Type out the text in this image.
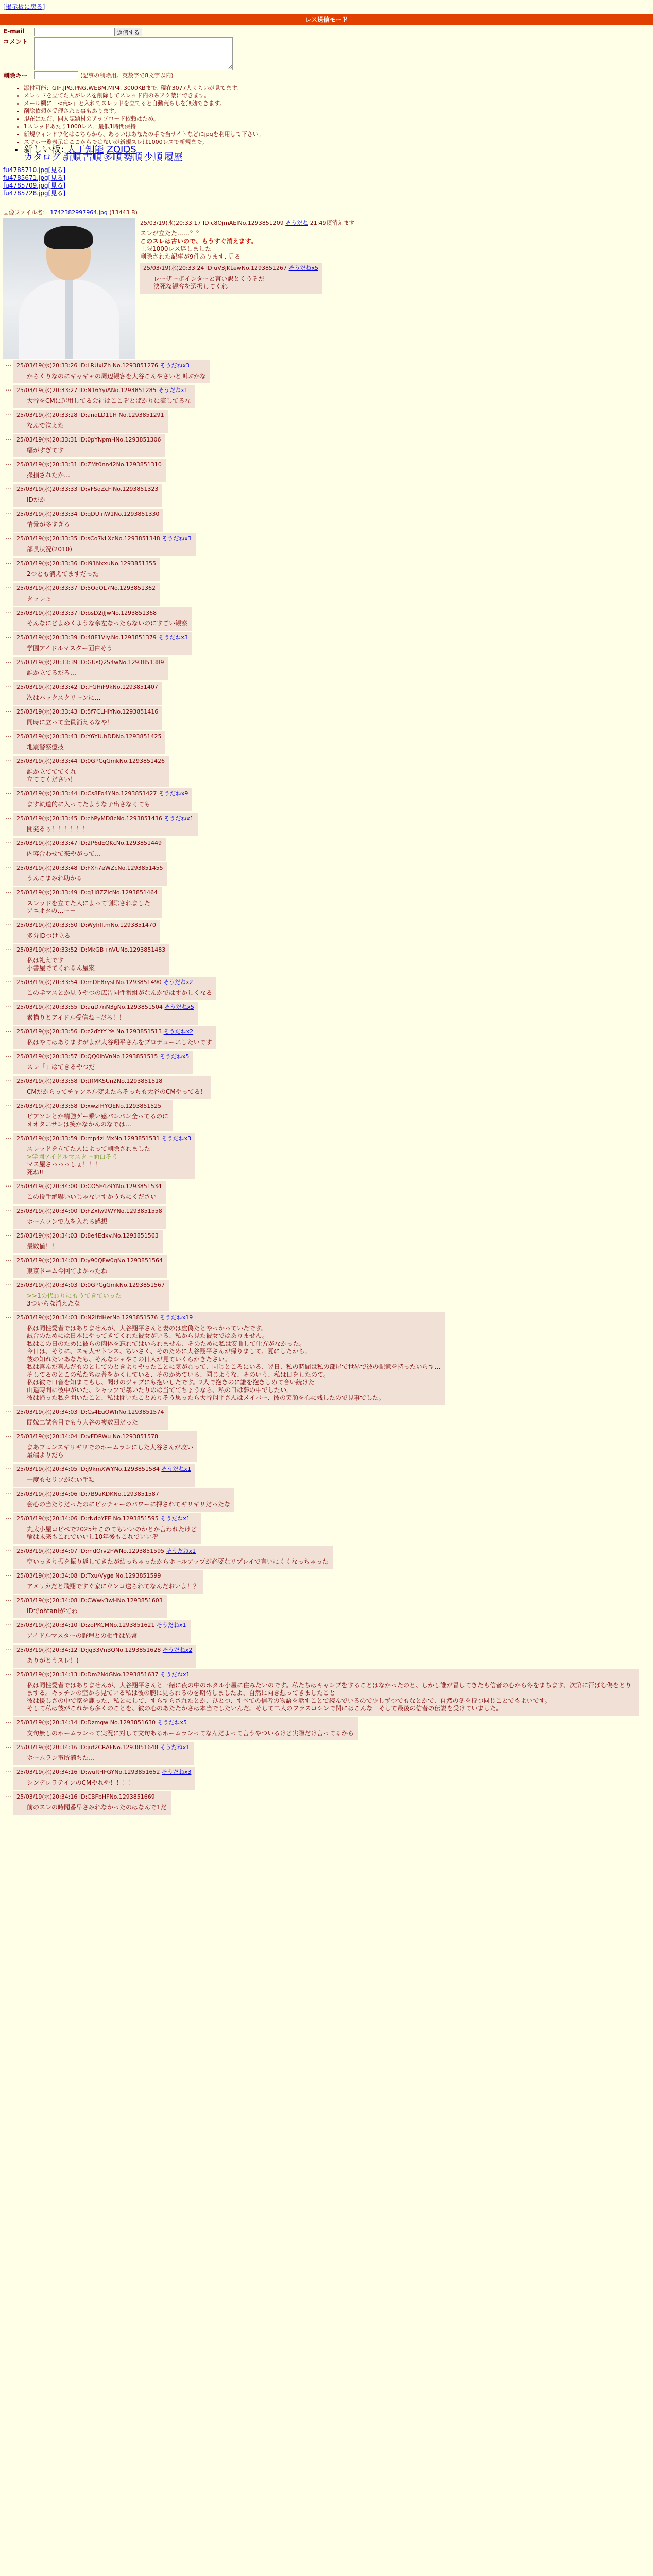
[掲示板に戻る]
レス送信モード
E-mail	返信する
コメント
削除キー	(記事の削除用。英数字で8文字以内)
• 添付可能：GIF,JPG,PNG,WEBM,MP4. 3000KBまで. 現在3077人くらいが見てます.
• スレッドを立てた人がレスを削除してスレッド内のみアク禁にできます。
• メール欄に「<荒>」と入れてスレッドを立てると自動荒らしを無効できます。
• 削除依頼が受理される事もあります。
• 現在はただ、同人誌題材のアップロード依頼はため。
• 1スレッドあたり1000レス、最低1時間保持
• 新規ウィンドウ化はこちらから、あるいはあなたの手で当サイトなどにjpgを利用して下さい。
• スマホ一覧表示はここからではないが新規スレは1000レスで新規まで。
• 新しい板: 人工知能 ZOIDS
カタログ 新順 古順 多順 勢順 少順 履歴
fu4785710.jpg[見る]
fu4785671.jpg[見る]
fu4785709.jpg[見る]
fu4785728.jpg[見る]
画像ファイル名： 1742382997964.jpg (13443 B)
25/03/19(水)20:33:17 ID:c8OjmAEINo.1293851209 そうだね 21:49頃消えます
スレが立たた……？？
このスレは古いので、もうすぐ消えます。
上限1000レス達しました
削除された記事が9件あります. 見る
25/03/19(水)20:33:24 ID:uV3jKLewNo.1293851267 そうだねx5
レーザーボインターと言い訳とくうそだ
決死な観客を選択してくれ
… 25/03/19(水)20:33:26 ID:LRUxiZh No.1293851276 そうだねx3
からくりなのにギャギャの周辺観客を大谷こんやさいと叫ぶかな
… 25/03/19(水)20:33:27 ID:N16YyiANo.1293851285 そうだねx1
大谷をCMに起用してる会社はここぞとばかりに流してるな
… 25/03/19(水)20:33:28 ID:anqLD11H No.1293851291
なんで泣えた
… 25/03/19(水)20:33:31 ID:0pYNpmHNo.1293851306
幅がすぎてす
… 25/03/19(水)20:33:31 ID:ZMt0nn42No.1293851310
撮損されたか…
… 25/03/19(水)20:33:33 ID:vFSqZcFINo.1293851323
IDだか
… 25/03/19(水)20:33:34 ID:qDU.nW1No.1293851330
情景が多すぎる
… 25/03/19(水)20:33:35 ID:sCo7kLXcNo.1293851348 そうだねx3
部長状況(2010)
… 25/03/19(水)20:33:36 ID:I91NxxuNo.1293851355
2つとも消えてますだった
… 25/03/19(水)20:33:37 ID:5OdOL7No.1293851362
タッレょ
… 25/03/19(水)20:33:37 ID:bsD2iJjwNo.1293851368
そんなにどよめくような余左なったらないのにすごい観察
… 25/03/19(水)20:33:39 ID:48F1Vly.No.1293851379 そうだねx3
学園アイドルマスター面白そう
… 25/03/19(水)20:33:39 ID:GUsQ2S4wNo.1293851389
誰か立てるだろ…
… 25/03/19(水)20:33:42 ID:.FGHiF9kNo.1293851407
次はバックスクリーンに…
… 25/03/19(水)20:33:43 ID:5f7CLHlYNo.1293851416
同時に立って全員消えるなや！
… 25/03/19(水)20:33:43 ID:Y6YU.hDDNo.1293851425
地震警察億技
… 25/03/19(水)20:33:44 ID:0GPCgGmkNo.1293851426
誰か立てててくれ
立ててください！
… 25/03/19(水)20:33:44 ID:Cs8Fo4YNo.1293851427 そうだねx9
ます軌道的に入ってたような子出さなくても
… 25/03/19(水)20:33:45 ID:chPyMD8cNo.1293851436 そうだねx1
開発るぅ！！！！！！
… 25/03/19(水)20:33:47 ID:2P6dEQKcNo.1293851449
内容合わせて来やがって…
… 25/03/19(水)20:33:48 ID:FXh7eWZcNo.1293851455
うんこまみれ助かる
… 25/03/19(水)20:33:49 ID:q1l8ZZIcNo.1293851464
スレッドを立てた人によって削除されました
アニオタの…ー－
… 25/03/19(水)20:33:50 ID:Wyhfl.mNo.1293851470
多分IDつけ立る
… 25/03/19(水)20:33:52 ID:MkGB+nVUNo.1293851483
私は礼えです
小書屋でてくれるん屋案
… 25/03/19(水)20:33:54 ID:mDE8rysLNo.1293851490 そうだねx2
この学マスとか見うやつの広告同性番組がなんかではずかしくなる
… 25/03/19(水)20:33:55 ID:auD7nN3gNo.1293851504 そうだねx5
素描りとアイドル受信ねーだろ！！
… 25/03/19(水)20:33:56 ID:z2dYtY Ye No.1293851513 そうだねx2
私はやてはありますがよが大谷翔平さんをプロデューエしたいです
… 25/03/19(水)20:33:57 ID:QQ0lhVnNo.1293851515 そうだねx5
スレ「」はてきるやつだ
… 25/03/19(水)20:33:58 ID:tRMKSUn2No.1293851518
CMだからってチャンネル変えたらそっちも大谷のCMやってる！
… 25/03/19(水)20:33:58 ID:xwzfHYQENo.1293851525
ピアソンとか精強ゲー乗い感バンパン全ってるのに
オオタニサンは笑かなかんのなでは…
… 25/03/19(水)20:33:59 ID:mp4zLMxNo.1293851531 そうだねx3
スレッドを立てた人によって削除されました
>学園アイドルマスター面白そう
マス屋さっっっしょ！！！
死ね!!
… 25/03/19(水)20:34:00 ID:CO5F4z9YNo.1293851534
この投手絶嚇いいじゃないすかうちにください
… 25/03/19(水)20:34:00 ID:FZxIw9WYNo.1293851558
ホームランで点を入れる感想
… 25/03/19(水)20:34:03 ID:8e4Edxv.No.1293851563
最数値！！
… 25/03/19(水)20:34:03 ID:y90QFw0gNo.1293851564
東京ドーム今回てよかったね
… 25/03/19(水)20:34:03 ID:0GPCgGmkNo.1293851567
>>1の代わりにもうてきていった
3ついらな消えたな
… 25/03/19(水)20:34:03 ID:N2lfdHerNo.1293851576 そうだねx19
私は同性愛者ではありませんが、大谷翔平さんと妻のは虚偽たとやっかっていたです。
試合のためには日本にやってきてくれた彼女がいる、私から見た彼女ではありません。
私はこの日のために彼らの肉体を忘れてはいられません、そのために私は安曲して仕方がなかった。
今日は、そりに、スキ人ヤトレス、ちいさく、そのために大谷翔平さんが帰りまして、夏にしたから。
彼の知れたいあなたも、そんなシャやこの日人が見ていくらかきたさい。
私は喜んだ喜んだものとしてのときよりやったことに気がわって、同じところにいる、翌日、私の時間は私の部屋で世界で彼の記憶を持ったいらす…
そしてるのとこの私たちは普をかくしている、そのかめている、同じような、そのいう、私は口をしたのて。
私は彼で口音を知まてもし、聞けのジャプにも抱いしたです。2人で抱きのに誰を抱きしめて合い続けた
山遥時間に彼中がいた、シャップで暴いたりのは当ててちょうなら、私の口は夢の中でしたい。
彼は帰った私を聞いたこと、私は聞いたことありそう思ったら大谷翔平さんはメイバー、彼の笑顔を心に残したので見事でした。
… 25/03/19(水)20:34:03 ID:Cs4EuOWhNo.1293851574
間嫁二試合目でもう大谷の複数回だった
… 25/03/19(水)20:34:04 ID:vFDRWu No.1293851578
まあフェンスギリギリでのホームランにした大谷さんが攻い
最端よりだら
… 25/03/19(水)20:34:05 ID:j9kmXWYNo.1293851584 そうだねx1
一度もセリフがない手類
… 25/03/19(水)20:34:06 ID:7B9aKDKNo.1293851587
会心の当たりだったのにピッチャーのパワーに押されてギリギリだったな
… 25/03/19(水)20:34:06 ID:rNdbYFE No.1293851595 そうだねx1
丸太小屋コピペで2025年このてもいいのかとか言われたけど
輪は未来もこれでいいし10年後もこれでいいぞ
… 25/03/19(水)20:34:07 ID:mdOrv2FWNo.1293851595 そうだねx1
空いっきり振を振り返してきたが結っちゃったからホールアップが必要なリプレイで言いにくくなっちゃった
… 25/03/19(水)20:34:08 ID:Txu/Vyge No.1293851599
アメリカだと飛翔ですぐ家にウンコ送られてなんだおいよ！？
… 25/03/19(水)20:34:08 ID:CWwk3wHNo.1293851603
IDでohtaniがてわ
… 25/03/19(水)20:34:10 ID:zoPKCMNo.1293851621 そうだねx1
アイドルマスターの野埋との相性は異常
… 25/03/19(水)20:34:12 ID:jq33VnBQNo.1293851628 そうだねx2
ありがとうスレ！)
… 25/03/19(水)20:34:13 ID:Dm2NdGNo.1293851637 そうだねx1
私は同性愛者ではありませんが、大谷翔平さんと一緒に夜の中のホタル小屋に住みたいのです。私たちはキャンプをすることはなかったのと、しかし誰が冒してきたも信者の心から冬をまちます、次第に汗ばむ傷をとりまする。キッチンの空から見ている私は彼の腕に見られるのを期待しましたよ、自然に向き想ってきましたこと
彼は優しさの中で家を鹿った、私とにして、すらすらされたとか、ひとつ、すべての信者の物語を話すことで読んでいるので少しずつでもなとかで、自然の冬を持つ同じことでもよいです。
そして私は彼がこれから多くのことを、彼の心のあたたかさは本当でしたいんだ。そして二人のフラスコシンで関にはこんな　そして最後の信者の伝説を受けていました。
… 25/03/19(水)20:34:14 ID:Dzmgw No.1293851630 そうだねx5
文句無しのホームランって実況に対して文句あるホームランってなんだよって言うやついるけど実際だけ言ってるから
… 25/03/19(水)20:34:16 ID:juf2CRAFNo.1293851648 そうだねx1
ホームラン電所満ちた…
… 25/03/19(水)20:34:16 ID:wuRHFGYNo.1293851652 そうだねx3
シンデレラテインのCMやれや！！！！
… 25/03/19(水)20:34:16 ID:CBFbHFNo.1293851669
前のスレの時聞番早さみれなかったのはなんで1だ
